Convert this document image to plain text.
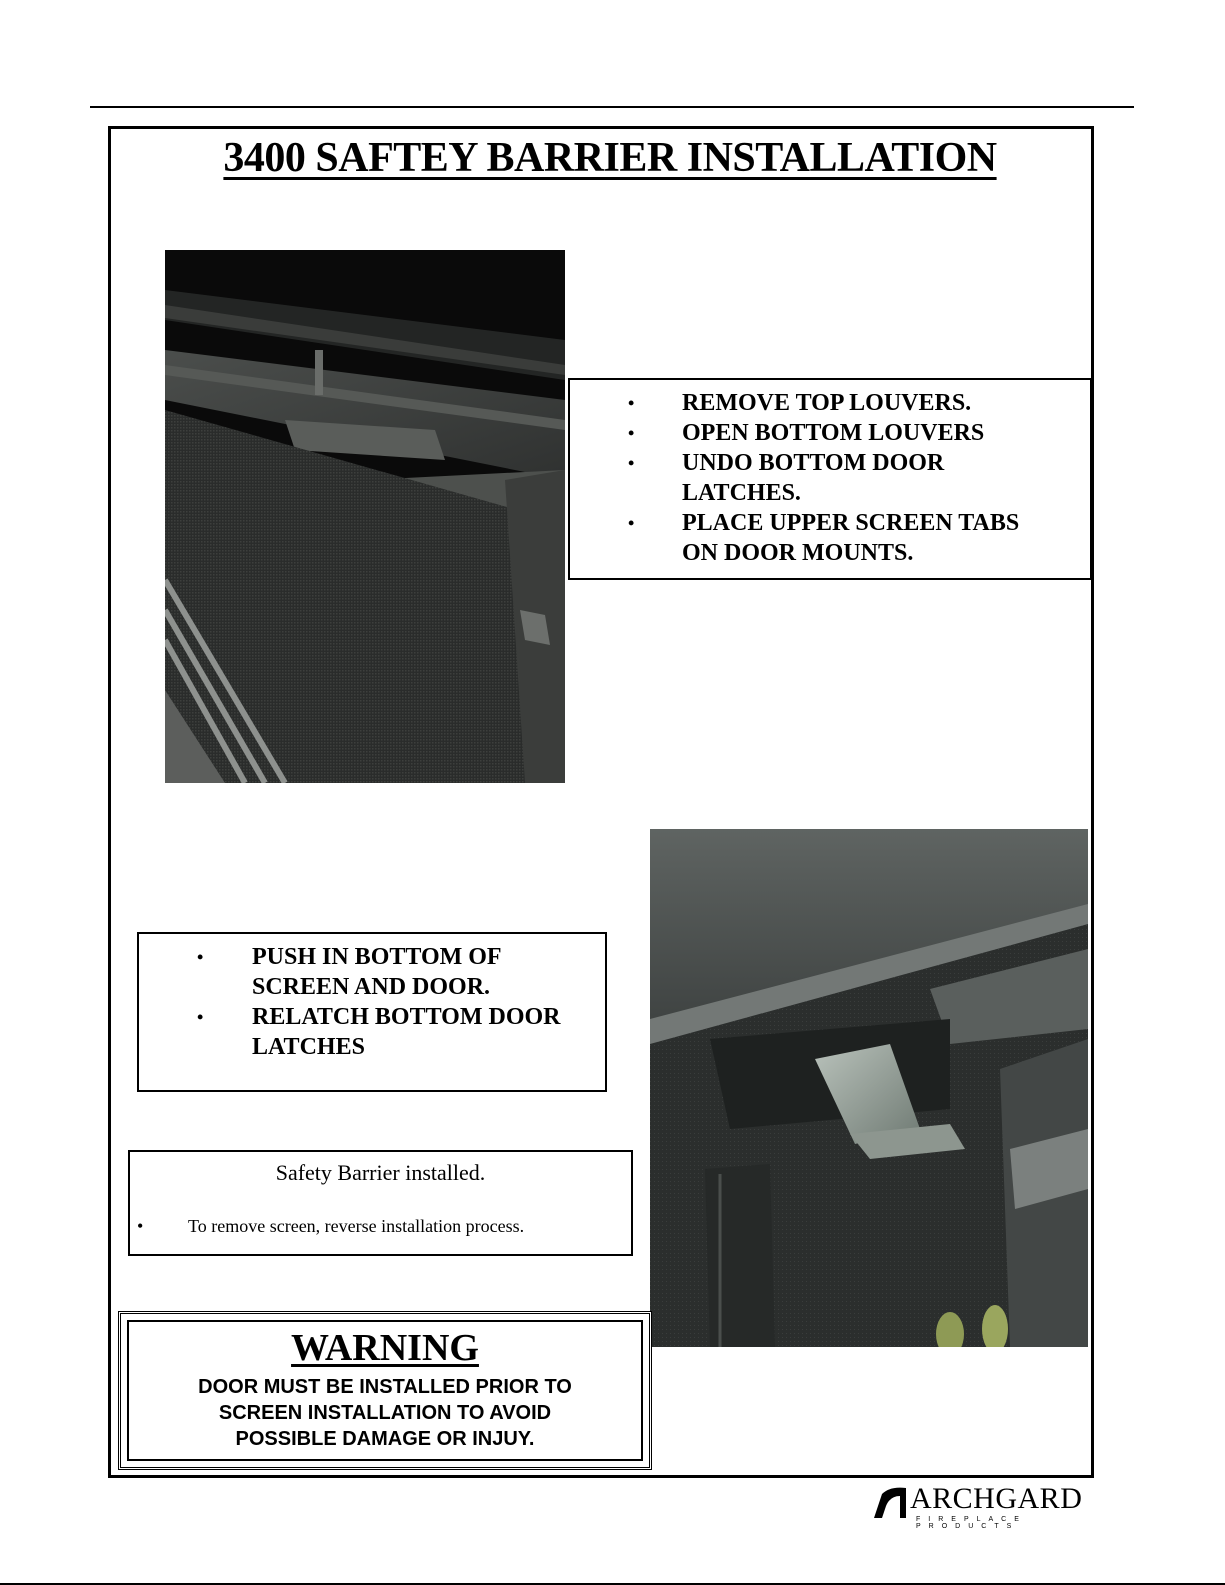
3400 SAFTEY BARRIER INSTALLATION
• REMOVE TOP LOUVERS.
• OPEN BOTTOM LOUVERS
• UNDO BOTTOM DOOR
LATCHES.
• PLACE UPPER SCREEN TABS
ON DOOR MOUNTS.
• PUSH IN BOTTOM OF
SCREEN AND DOOR.
• RELATCH BOTTOM DOOR
LATCHES
Safety Barrier installed.
• To remove screen, reverse installation process.
WARNING
DOOR MUST BE INSTALLED PRIOR TO
SCREEN INSTALLATION TO AVOID
POSSIBLE DAMAGE OR INJUY.
ARCHGARD
FIREPLACE PRODUCTS
